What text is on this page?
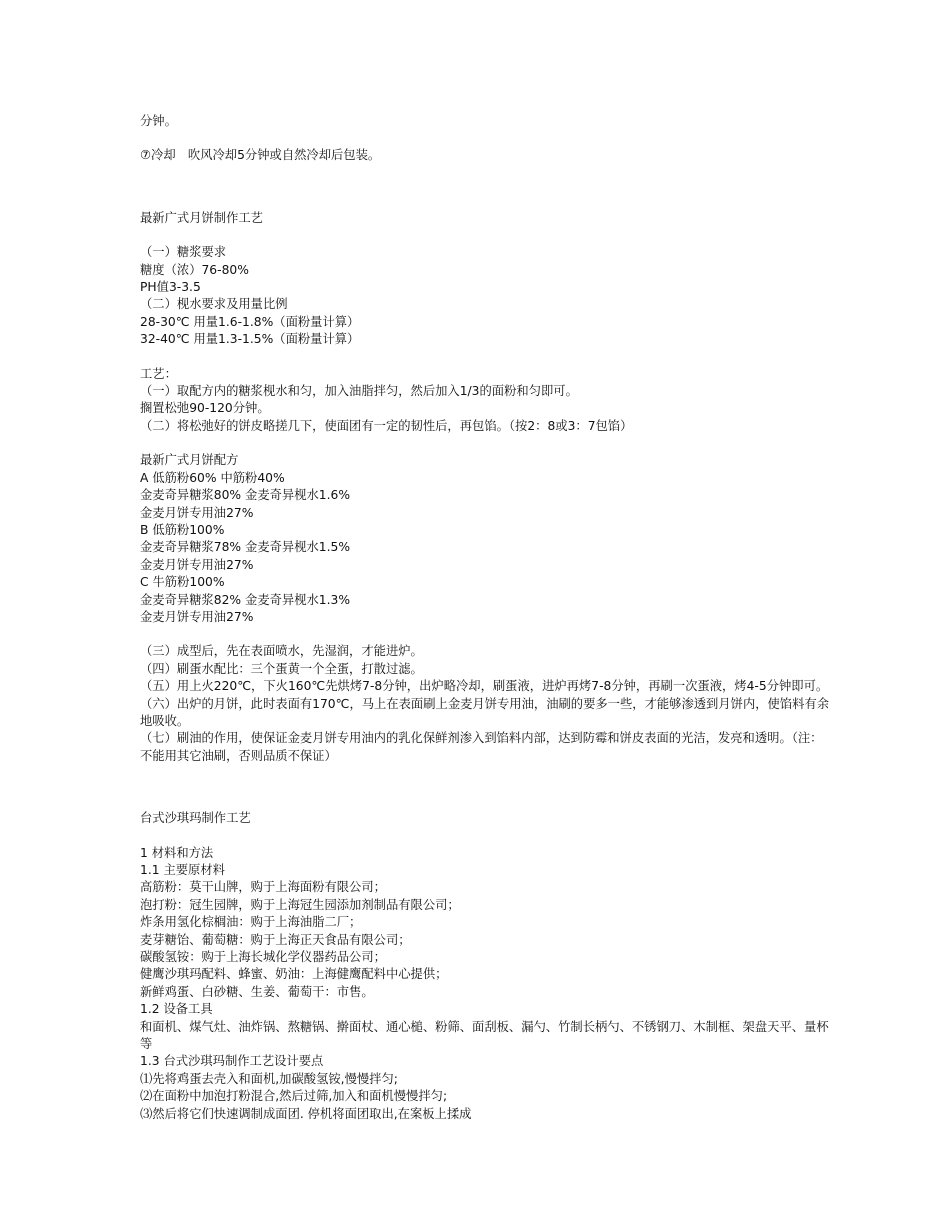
分钟。
⑦冷却　吹风冷却5分钟或自然冷却后包装。
最新广式月饼制作工艺
（一）糖浆要求
糖度（浓）76-80%
PH值3-3.5
（二）枧水要求及用量比例
28-30℃ 用量1.6-1.8%（面粉量计算）
32-40℃ 用量1.3-1.5%（面粉量计算）
工艺：
（一）取配方内的糖浆枧水和匀，加入油脂拌匀，然后加入1/3的面粉和匀即可。
搁置松弛90-120分钟。
（二）将松弛好的饼皮略搓几下，使面团有一定的韧性后，再包馅。（按2：8或3：7包馅）
最新广式月饼配方
A 低筋粉60% 中筋粉40%
金麦奇异糖浆80% 金麦奇异枧水1.6%
金麦月饼专用油27%
B 低筋粉100%
金麦奇异糖浆78% 金麦奇异枧水1.5%
金麦月饼专用油27%
C 牛筋粉100%
金麦奇异糖浆82% 金麦奇异枧水1.3%
金麦月饼专用油27%
（三）成型后，先在表面喷水，先湿润，才能进炉。
（四）刷蛋水配比：三个蛋黄一个全蛋，打散过滤。
（五）用上火220℃，下火160℃先烘烤7-8分钟，出炉略冷却，刷蛋液，进炉再烤7-8分钟，再刷一次蛋液，烤4-5分钟即可。
（六）出炉的月饼，此时表面有170℃，马上在表面刷上金麦月饼专用油，油刷的要多一些，才能够渗透到月饼内，使馅料有余地吸收。
（七）刷油的作用，使保证金麦月饼专用油内的乳化保鲜剂渗入到馅料内部，达到防霉和饼皮表面的光洁，发亮和透明。（注：不能用其它油刷，否则品质不保证）
台式沙琪玛制作工艺
1 材料和方法
1.1 主要原材料
高筋粉：莫干山牌，购于上海面粉有限公司；
泡打粉：冠生园牌，购于上海冠生园添加剂制品有限公司；
炸条用氢化棕榈油：购于上海油脂二厂；
麦芽糖饴、葡萄糖：购于上海正天食品有限公司；
碳酸氢铵：购于上海长城化学仪器药品公司；
健鹰沙琪玛配料、蜂蜜、奶油：上海健鹰配料中心提供；
新鲜鸡蛋、白砂糖、生姜、葡萄干：市售。
1.2 设备工具
和面机、煤气灶、油炸锅、熬糖锅、擀面杖、通心槌、粉筛、面刮板、漏勺、竹制长柄勺、不锈钢刀、木制框、架盘天平、量杯等
1.3 台式沙琪玛制作工艺设计要点
⑴先将鸡蛋去壳入和面机,加碳酸氢铵,慢慢拌匀;
⑵在面粉中加泡打粉混合,然后过筛,加入和面机慢慢拌匀;
⑶然后将它们快速调制成面团. 停机将面团取出,在案板上揉成
